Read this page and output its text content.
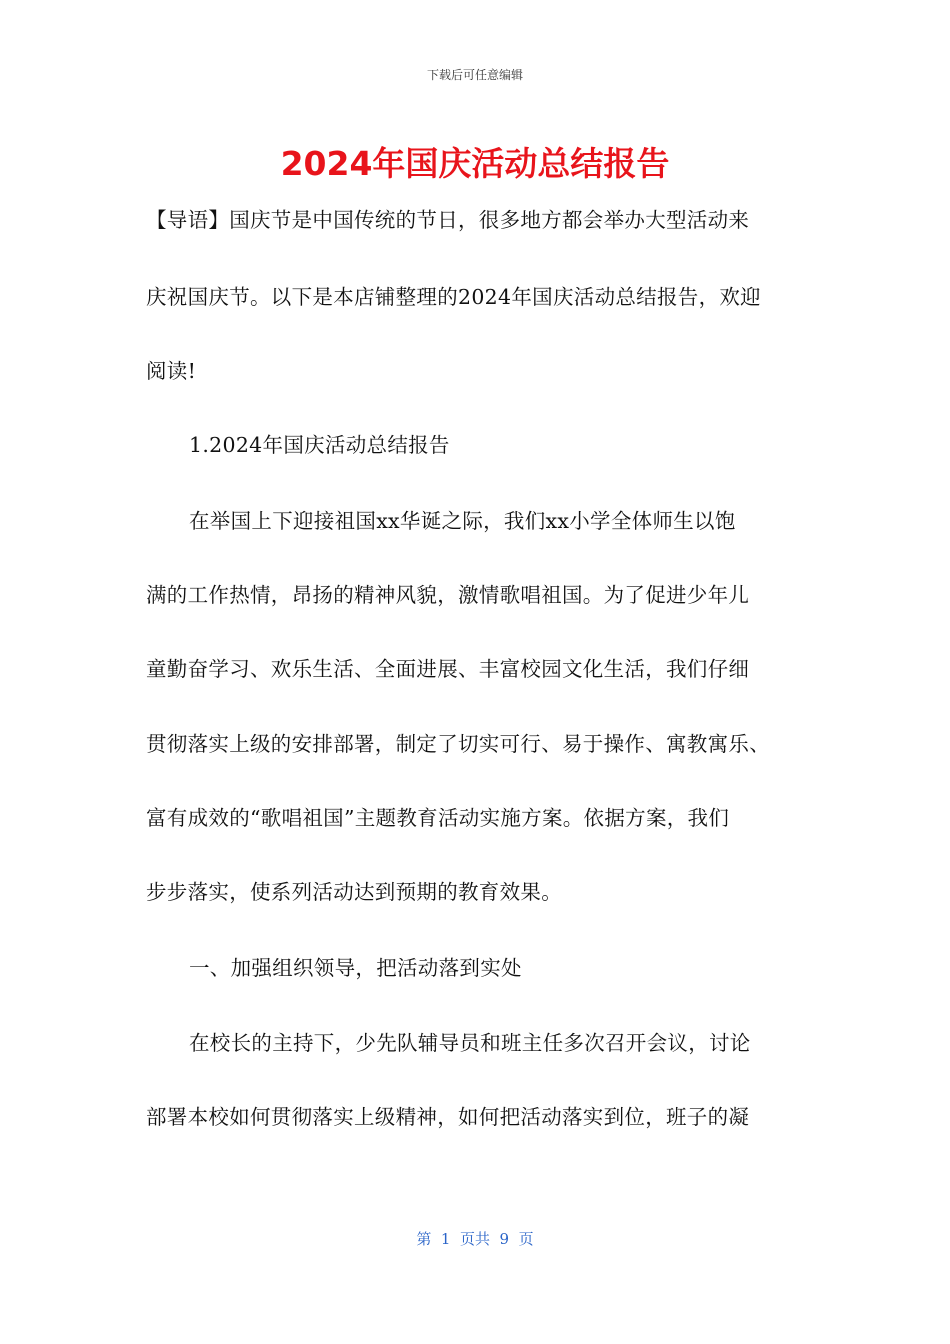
下载后可任意编辑
2024年国庆活动总结报告
【导语】国庆节是中国传统的节日，很多地方都会举办大型活动来
庆祝国庆节。以下是本店铺整理的2024年国庆活动总结报告，欢迎
阅读!
1.2024年国庆活动总结报告
在举国上下迎接祖国xx华诞之际，我们xx小学全体师生以饱
满的工作热情，昂扬的精神风貌，激情歌唱祖国。为了促进少年儿
童勤奋学习、欢乐生活、全面进展、丰富校园文化生活，我们仔细
贯彻落实上级的安排部署，制定了切实可行、易于操作、寓教寓乐、
富有成效的“歌唱祖国”主题教育活动实施方案。依据方案，我们
步步落实，使系列活动达到预期的教育效果。
一、加强组织领导，把活动落到实处
在校长的主持下，少先队辅导员和班主任多次召开会议，讨论
部署本校如何贯彻落实上级精神，如何把活动落实到位，班子的凝
第  1  页共  9  页
